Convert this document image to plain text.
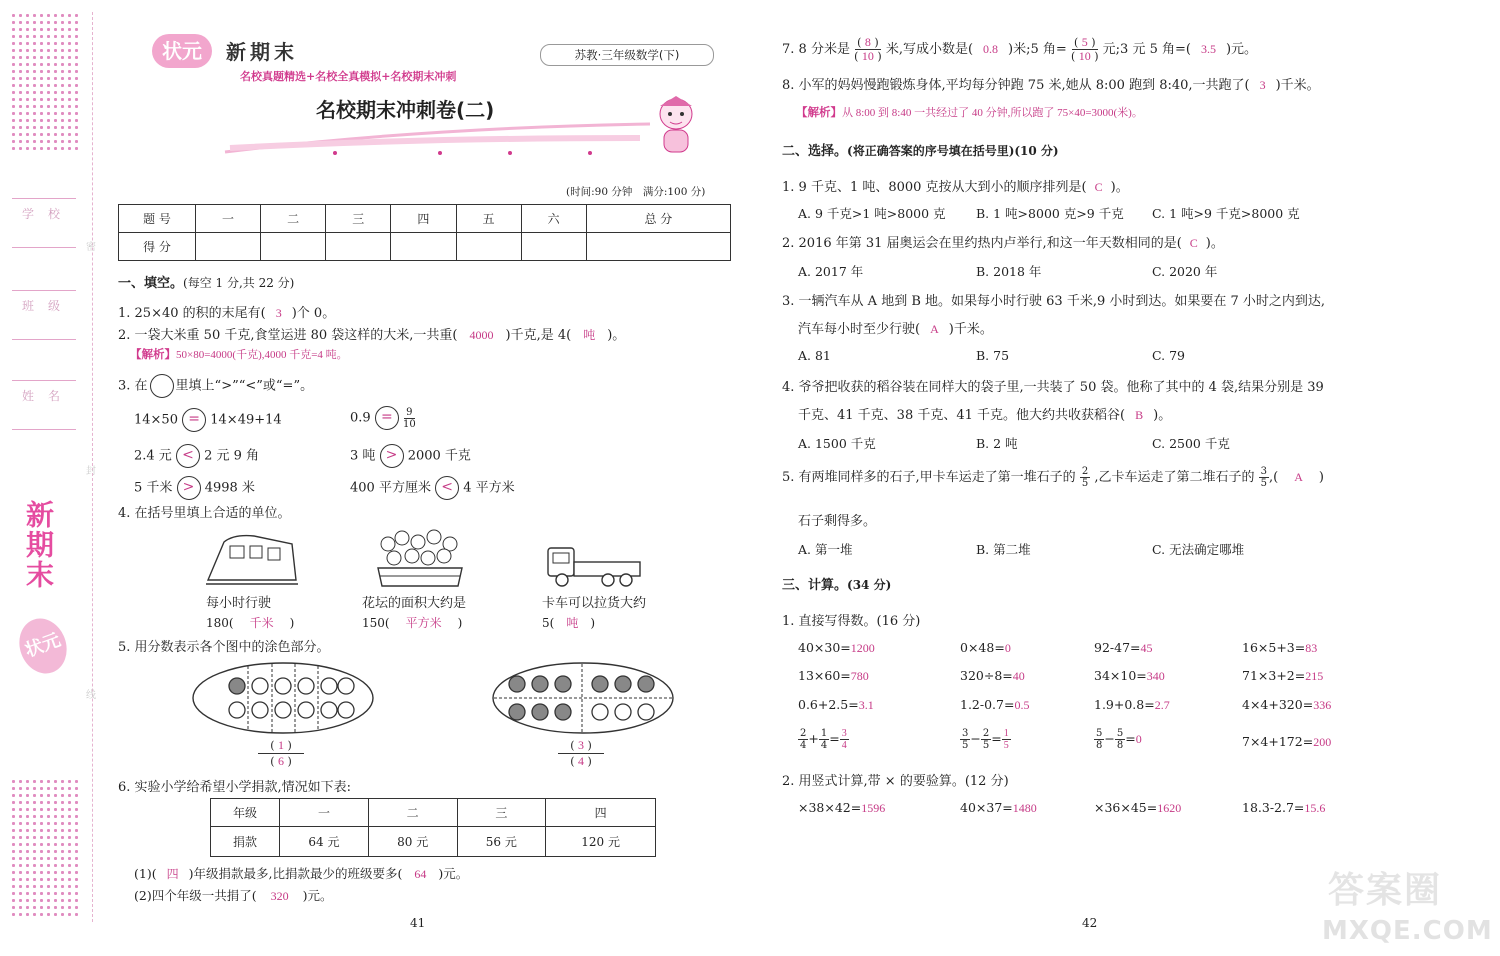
密
封
线
学校
班级
姓名
新期末
状元
状元	新期末
名校真题精选+名校全真模拟+名校期末冲刺
苏教·三年级数学(下)
名校期末冲刺卷(二)
(时间:90 分钟　满分:100 分)
题 号	一	二	三	四	五	六	总 分
得 分							
一、填空。(每空 1 分,共 22 分)
1. 25×40 的积的末尾有( 3 )个 0。
2. 一袋大米重 50 千克,食堂运进 80 袋这样的大米,一共重( 4000 )千克,是 4( 吨 )。
【解析】50×80=4000(千克),4000 千克=4 吨。
3. 在 里填上“>”“<”或“=”。
14×50 = 14×49+14	$0.9 = \frac{9}{10}$
2.4 元 < 2 元 9 角	3 吨 > 2000 千克
5 千米 > 4998 米	400 平方厘米 < 4 平方米
4. 在括号里填上合适的单位。
每小时行驶	花坛的面积大约是	卡车可以拉货大约
180( 千米 )	150( 平方米 )	5( 吨 )
5. 用分数表示各个图中的涂色部分。
( 1 )
( 6 )
( 3 )
( 4 )
6. 实验小学给希望小学捐款,情况如下表:
年级	一	二	三	四
捐款	64 元	80 元	56 元	120 元
(1)( 四 )年级捐款最多,比捐款最少的班级要多( 64 )元。
(2)四个年级一共捐了( 320 )元。
41
7. 8 分米是 $\frac{( 8 )}{( 10 )}$ 米,写成小数是( 0.8 )米;5 角= $\frac{( 5 )}{( 10 )}$ 元;3 元 5 角=( 3.5 )元。
8. 小军的妈妈慢跑锻炼身体,平均每分钟跑 75 米,她从 8:00 跑到 8:40,一共跑了( 3 )千米。
【解析】从 8:00 到 8:40 一共经过了 40 分钟,所以跑了 75×40=3000(米)。
二、选择。(将正确答案的序号填在括号里)(10 分)
1. 9 千克、1 吨、8000 克按从大到小的顺序排列是( C )。
A. 9 千克>1 吨>8000 克 B. 1 吨>8000 克>9 千克 C. 1 吨>9 千克>8000 克
2. 2016 年第 31 届奥运会在里约热内卢举行,和这一年天数相同的是( C )。
A. 2017 年	B. 2018 年	C. 2020 年
3. 一辆汽车从 A 地到 B 地。如果每小时行驶 63 千米,9 小时到达。如果要在 7 小时之内到达,
汽车每小时至少行驶( A )千米。
A. 81	B. 75	C. 79
4. 爷爷把收获的稻谷装在同样大的袋子里,一共装了 50 袋。他称了其中的 4 袋,结果分别是 39
千克、41 千克、38 千克、41 千克。他大约共收获稻谷( B )。
A. 1500 千克	B. 2 吨	C. 2500 千克
5. 有两堆同样多的石子,甲卡车运走了第一堆石子的 $\frac{2}{5}$ ,乙卡车运走了第二堆石子的 $\frac{3}{5}$ ,( A )
石子剩得多。
A. 第一堆	B. 第二堆	C. 无法确定哪堆
三、计算。(34 分)
1. 直接写得数。(16 分)
40×30=1200	0×48=0	92-47=45	16×5+3=83
13×60=780	320÷8=40	34×10=340	71×3+2=215
0.6+2.5=3.1	1.2-0.7=0.5	1.9+0.8=2.7	4×4+320=336
$\frac{2}{4} + \frac{1}{4} = \frac{3}{4}$	$\frac{3}{5} - \frac{2}{5} = \frac{1}{5}$	$\frac{5}{8} - \frac{5}{8} =0$	7×4+172=200
2. 用竖式计算,带 × 的要验算。(12 分)
×38×42=1596	40×37=1480	×36×45=1620	18.3-2.7=15.6
42
答案圈
MXQE.COM
